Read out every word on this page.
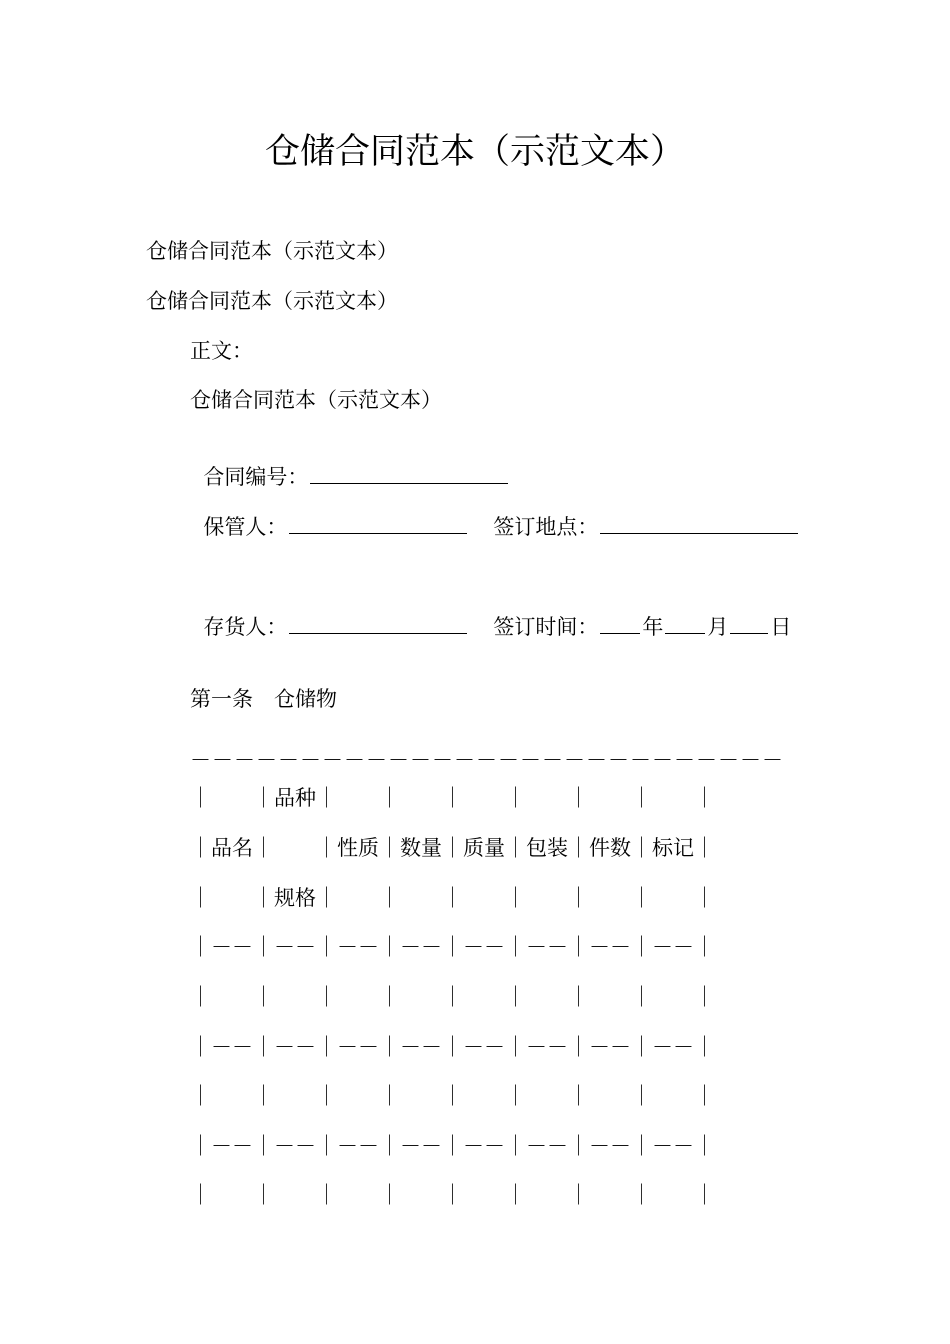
仓储合同范本（示范文本）
仓储合同范本（示范文本）
仓储合同范本（示范文本）
正文：
仓储合同范本（示范文本）

合同编号：

保管人：	签订地点：

存货人：	签订时间： 年 月 日

第一条　仓储物
－－－－－－－－－－－－－－－－－－－－－－－－－－－
｜　　｜品种｜　　｜　　｜　　｜　　｜　　｜　　｜
｜品名｜　　｜性质｜数量｜质量｜包装｜件数｜标记｜
｜　　｜规格｜　　｜　　｜　　｜　　｜　　｜　　｜
｜－－｜－－｜－－｜－－｜－－｜－－｜－－｜－－｜
｜　　｜　　｜　　｜　　｜　　｜　　｜　　｜　　｜
｜－－｜－－｜－－｜－－｜－－｜－－｜－－｜－－｜
｜　　｜　　｜　　｜　　｜　　｜　　｜　　｜　　｜
｜－－｜－－｜－－｜－－｜－－｜－－｜－－｜－－｜
｜　　｜　　｜　　｜　　｜　　｜　　｜　　｜　　｜
